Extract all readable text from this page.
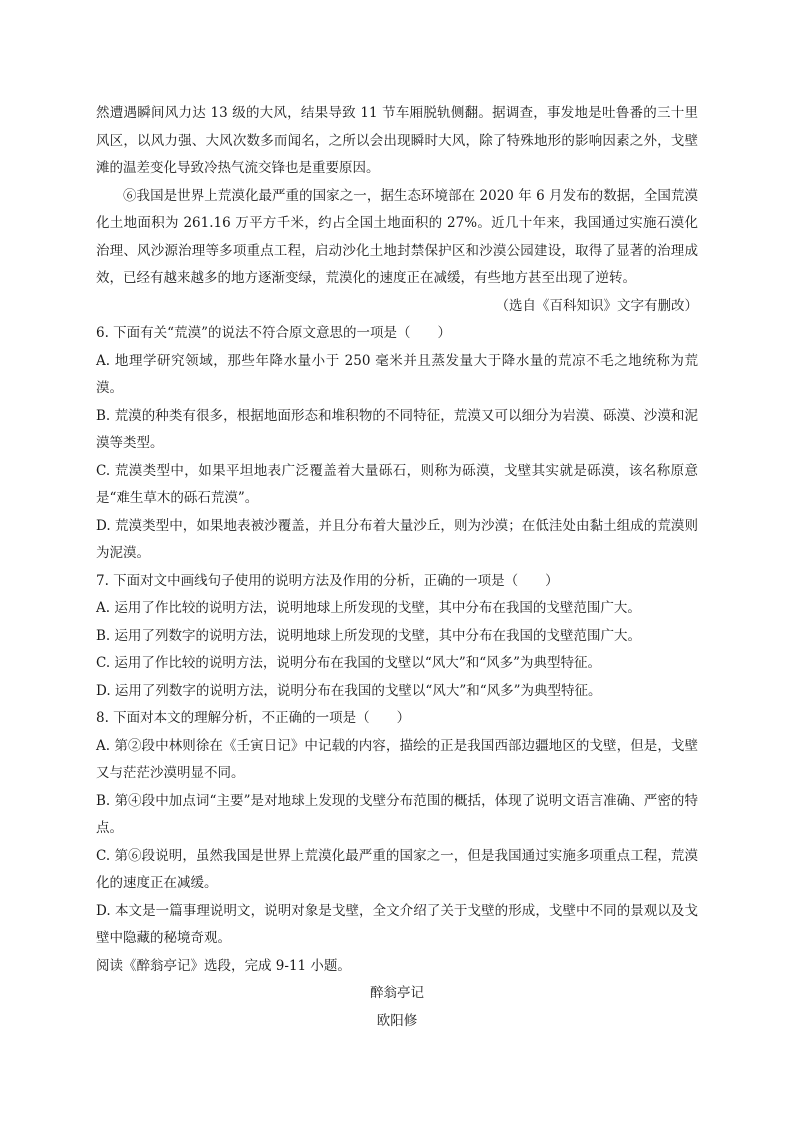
然遭遇瞬间风力达 13 级的大风，结果导致 11 节车厢脱轨侧翻。据调查，事发地是吐鲁番的三十里风区，以风力强、大风次数多而闻名，之所以会出现瞬时大风，除了特殊地形的影响因素之外，戈壁滩的温差变化导致冷热气流交锋也是重要原因。

⑥我国是世界上荒漠化最严重的国家之一，据生态环境部在 2020 年 6 月发布的数据，全国荒漠化土地面积为 261.16 万平方千米，约占全国土地面积的 27%。近几十年来，我国通过实施石漠化治理、风沙源治理等多项重点工程，启动沙化土地封禁保护区和沙漠公园建设，取得了显著的治理成效，已经有越来越多的地方逐渐变绿，荒漠化的速度正在减缓，有些地方甚至出现了逆转。

（选自《百科知识》文字有删改）

6. 下面有关“荒漠”的说法不符合原文意思的一项是（　　）

A. 地理学研究领域，那些年降水量小于 250 毫米并且蒸发量大于降水量的荒凉不毛之地统称为荒漠。

B. 荒漠的种类有很多，根据地面形态和堆积物的不同特征，荒漠又可以细分为岩漠、砾漠、沙漠和泥漠等类型。

C. 荒漠类型中，如果平坦地表广泛覆盖着大量砾石，则称为砾漠，戈壁其实就是砾漠，该名称原意是“难生草木的砾石荒漠”。

D. 荒漠类型中，如果地表被沙覆盖，并且分布着大量沙丘，则为沙漠；在低洼处由黏土组成的荒漠则为泥漠。

7. 下面对文中画线句子使用的说明方法及作用的分析，正确的一项是（　　）

A. 运用了作比较的说明方法，说明地球上所发现的戈壁，其中分布在我国的戈壁范围广大。

B. 运用了列数字的说明方法，说明地球上所发现的戈壁，其中分布在我国的戈壁范围广大。

C. 运用了作比较的说明方法，说明分布在我国的戈壁以“风大”和“风多”为典型特征。

D. 运用了列数字的说明方法，说明分布在我国的戈壁以“风大”和“风多”为典型特征。

8. 下面对本文的理解分析，不正确的一项是（　　）

A. 第②段中林则徐在《壬寅日记》中记载的内容，描绘的正是我国西部边疆地区的戈壁，但是，戈壁又与茫茫沙漠明显不同。

B. 第④段中加点词“主要”是对地球上发现的戈壁分布范围的概括，体现了说明文语言准确、严密的特点。

C. 第⑥段说明，虽然我国是世界上荒漠化最严重的国家之一，但是我国通过实施多项重点工程，荒漠化的速度正在减缓。

D. 本文是一篇事理说明文，说明对象是戈壁，全文介绍了关于戈壁的形成，戈壁中不同的景观以及戈壁中隐藏的秘境奇观。

阅读《醉翁亭记》选段，完成 9-11 小题。

醉翁亭记

欧阳修
